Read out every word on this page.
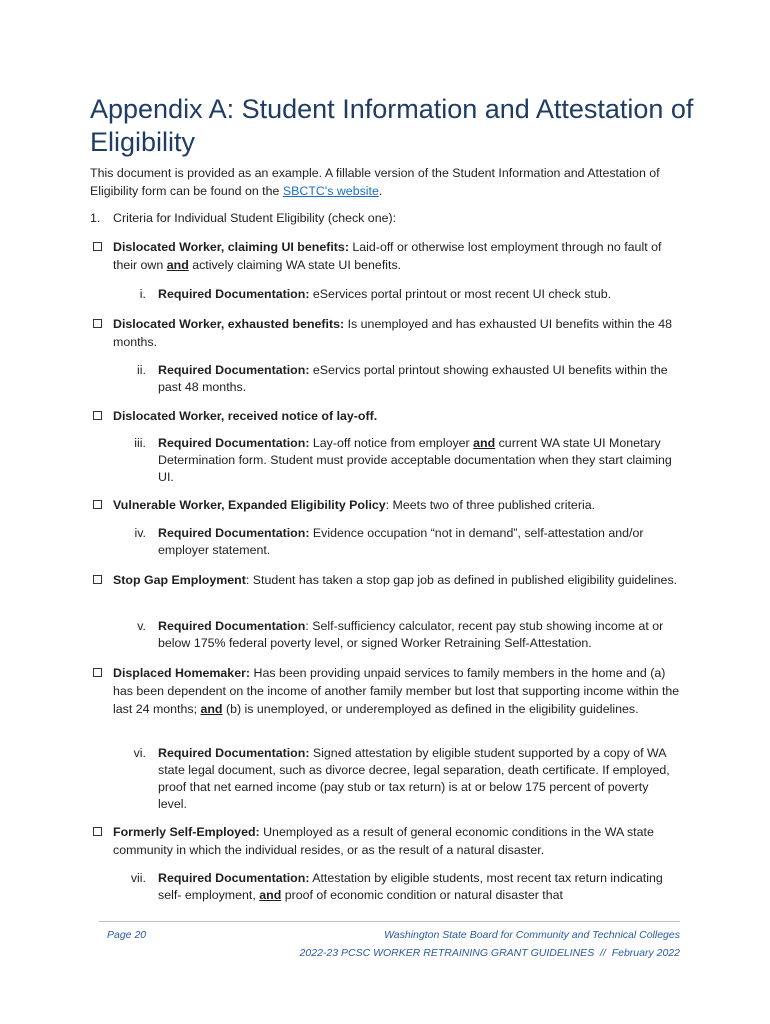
Appendix A: Student Information and Attestation of Eligibility

This document is provided as an example. A fillable version of the Student Information and Attestation of Eligibility form can be found on the SBCTC's website.

1. Criteria for Individual Student Eligibility (check one):

Dislocated Worker, claiming UI benefits: Laid-off or otherwise lost employment through no fault of their own and actively claiming WA state UI benefits.
i. Required Documentation: eServices portal printout or most recent UI check stub.
Dislocated Worker, exhausted benefits: Is unemployed and has exhausted UI benefits within the 48 months.
ii. Required Documentation: eServics portal printout showing exhausted UI benefits within the past 48 months.
Dislocated Worker, received notice of lay-off.
iii. Required Documentation: Lay-off notice from employer and current WA state UI Monetary Determination form. Student must provide acceptable documentation when they start claiming UI.
Vulnerable Worker, Expanded Eligibility Policy: Meets two of three published criteria.
iv. Required Documentation: Evidence occupation “not in demand”, self-attestation and/or employer statement.
Stop Gap Employment: Student has taken a stop gap job as defined in published eligibility guidelines.
v. Required Documentation: Self-sufficiency calculator, recent pay stub showing income at or below 175% federal poverty level, or signed Worker Retraining Self-Attestation.
Displaced Homemaker: Has been providing unpaid services to family members in the home and (a) has been dependent on the income of another family member but lost that supporting income within the last 24 months; and (b) is unemployed, or underemployed as defined in the eligibility guidelines.
vi. Required Documentation: Signed attestation by eligible student supported by a copy of WA state legal document, such as divorce decree, legal separation, death certificate. If employed, proof that net earned income (pay stub or tax return) is at or below 175 percent of poverty level.
Formerly Self-Employed: Unemployed as a result of general economic conditions in the WA state community in which the individual resides, or as the result of a natural disaster.
vii. Required Documentation: Attestation by eligible students, most recent tax return indicating self- employment, and proof of economic condition or natural disaster that
Page 20	Washington State Board for Community and Technical Colleges
2022-23 PCSC WORKER RETRAINING GRANT GUIDELINES  //  February 2022
